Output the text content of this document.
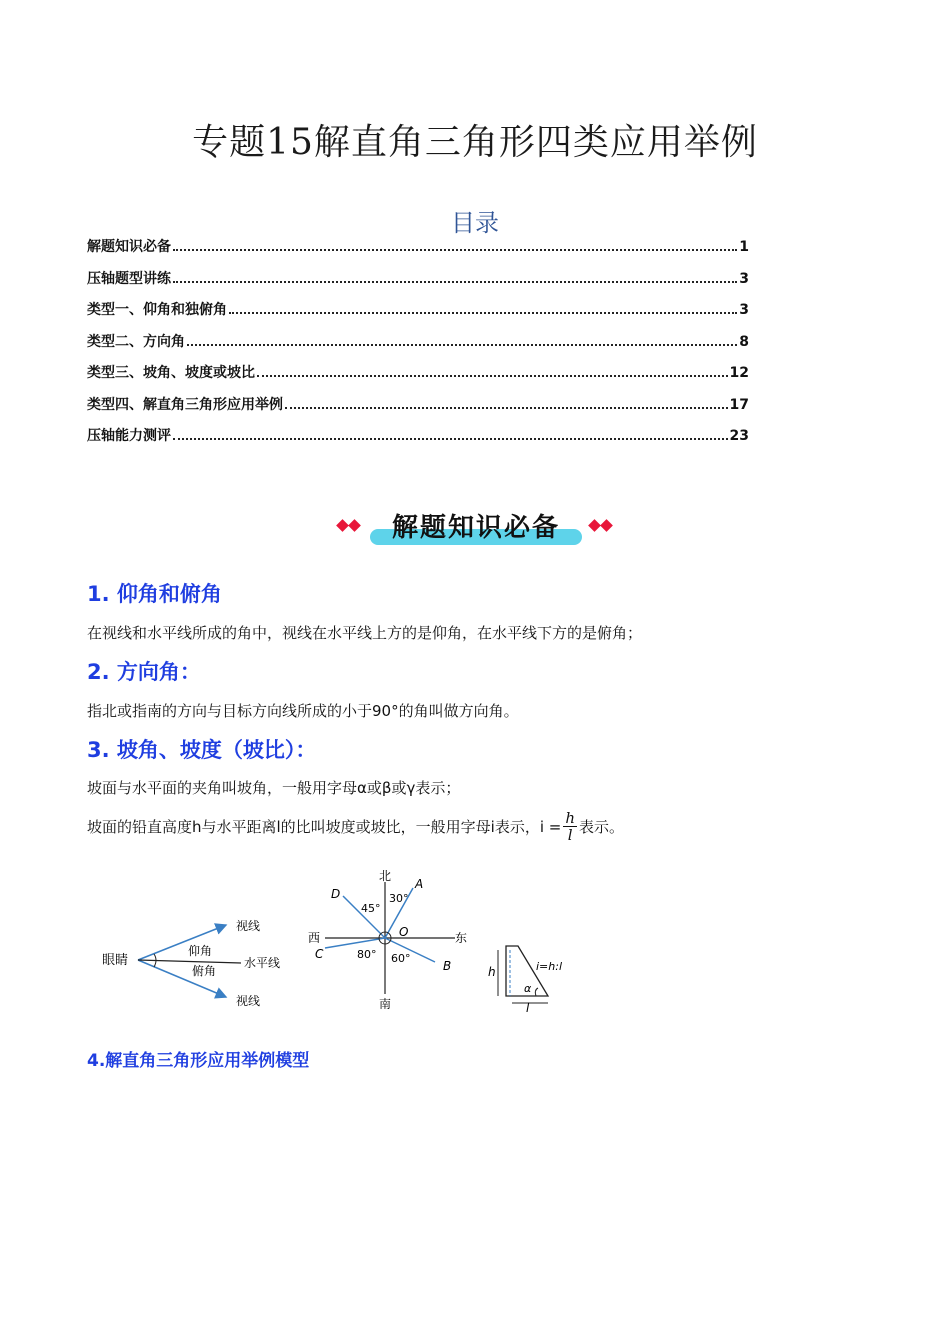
专题15解直角三角形四类应用举例
目录
解题知识必备	1
压轴题型讲练	3
类型一、仰角和独俯角	3
类型二、方向角	8
类型三、坡角、坡度或坡比	12
类型四、解直角三角形应用举例	17
压轴能力测评	23
解题知识必备
1. 仰角和俯角
在视线和水平线所成的角中，视线在水平线上方的是仰角，在水平线下方的是俯角；
2. 方向角：
指北或指南的方向与目标方向线所成的小于90°的角叫做方向角。
3. 坡角、坡度（坡比）：
坡面与水平面的夹角叫坡角，一般用字母α或β或γ表示；
坡面的铅直高度h与水平距离l的比叫坡度或坡比，一般用字母i表示，$i = \frac{h}{l}$ 表示。
眼睛
视线
视线
仰角
俯角
水平线
北
南
东
西
A
D
C
B
O
45°
30°
80° 60°
h
l
α
i=h:l
4.解直角三角形应用举例模型
